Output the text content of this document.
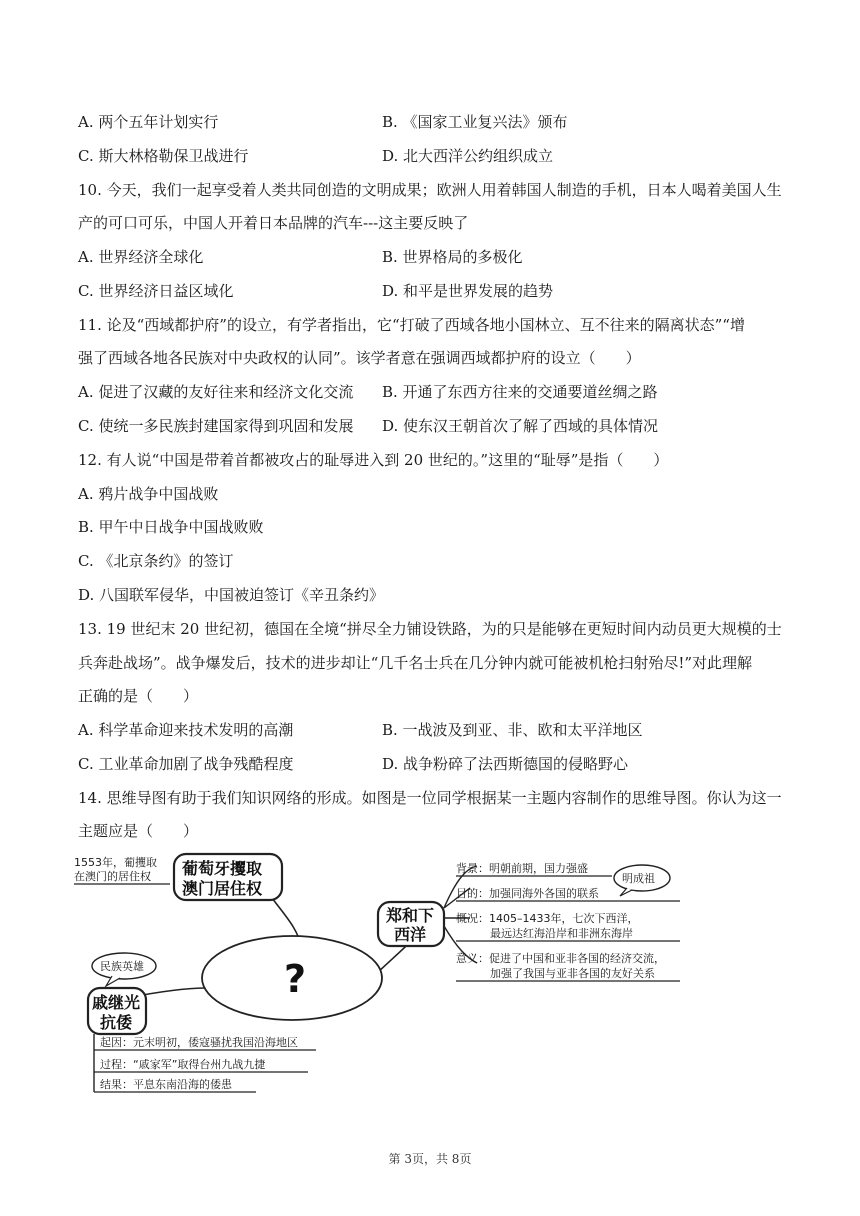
A. 两个五年计划实行	B. 《国家工业复兴法》颁布
C. 斯大林格勒保卫战进行	D. 北大西洋公约组织成立
10. 今天，我们一起享受着人类共同创造的文明成果；欧洲人用着韩国人制造的手机，日本人喝着美国人生
产的可口可乐，中国人开着日本品牌的汽车---这主要反映了
A. 世界经济全球化	B. 世界格局的多极化
C. 世界经济日益区域化	D. 和平是世界发展的趋势
11. 论及“西域都护府”的设立，有学者指出，它“打破了西域各地小国林立、互不往来的隔离状态”“增
强了西域各地各民族对中央政权的认同”。该学者意在强调西域都护府的设立（　　）
A. 促进了汉藏的友好往来和经济文化交流 B. 开通了东西方往来的交通要道丝绸之路
C. 使统一多民族封建国家得到巩固和发展 D. 使东汉王朝首次了解了西域的具体情况
12. 有人说“中国是带着首都被攻占的耻辱进入到 20 世纪的。”这里的“耻辱”是指（　　）
A. 鸦片战争中国战败
B. 甲午中日战争中国战败败
C. 《北京条约》的签订
D. 八国联军侵华，中国被迫签订《辛丑条约》
13. 19 世纪末 20 世纪初，德国在全境“拼尽全力铺设铁路，为的只是能够在更短时间内动员更大规模的士
兵奔赴战场”。战争爆发后，技术的进步却让“几千名士兵在几分钟内就可能被机枪扫射殆尽!”对此理解
正确的是（　　）
A. 科学革命迎来技术发明的高潮	B. 一战波及到亚、非、欧和太平洋地区
C. 工业革命加剧了战争残酷程度	D. 战争粉碎了法西斯德国的侵略野心
14. 思维导图有助于我们知识网络的形成。如图是一位同学根据某一主题内容制作的思维导图。你认为这一
主题应是（　　）
?
1553年，葡攫取
在澳门的居住权 葡萄牙攫取
澳门居住权
郑和下
西洋
明成祖
背景：明朝前期，国力强盛
目的：加强同海外各国的联系
概况：1405–1433年，七次下西洋，
最远达红海沿岸和非洲东海岸
意义：促进了中国和亚非各国的经济交流，
加强了我国与亚非各国的友好关系
民族英雄
戚继光
抗倭
起因：元末明初，倭寇骚扰我国沿海地区
过程：“戚家军”取得台州九战九捷
结果：平息东南沿海的倭患
第 3页，共 8页
